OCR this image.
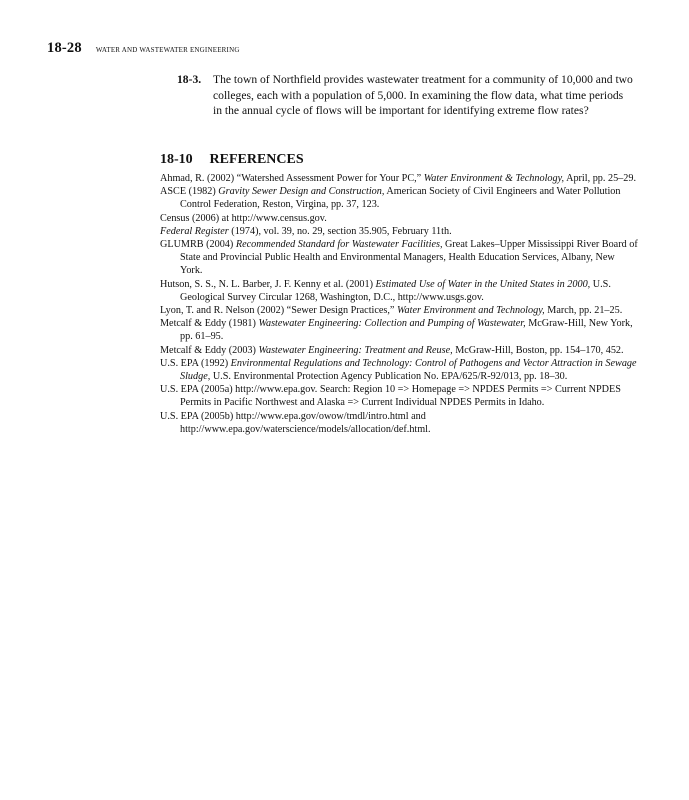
18-28 WATER AND WASTEWATER ENGINEERING
18-3.	The town of Northfield provides wastewater treatment for a community of 10,000 and two colleges, each with a population of 5,000. In examining the flow data, what time periods in the annual cycle of flows will be important for identifying extreme flow rates?
18-10 REFERENCES
Ahmad, R. (2002) “Watershed Assessment Power for Your PC,” Water Environment & Technology, April, pp. 25–29.
ASCE (1982) Gravity Sewer Design and Construction, American Society of Civil Engineers and Water Pollution Control Federation, Reston, Virgina, pp. 37, 123.
Census (2006) at http://www.census.gov.
Federal Register (1974), vol. 39, no. 29, section 35.905, February 11th.
GLUMRB (2004) Recommended Standard for Wastewater Facilities, Great Lakes–Upper Mississippi River Board of State and Provincial Public Health and Environmental Managers, Health Education Services, Albany, New York.
Hutson, S. S., N. L. Barber, J. F. Kenny et al. (2001) Estimated Use of Water in the United States in 2000, U.S. Geological Survey Circular 1268, Washington, D.C., http://www.usgs.gov.
Lyon, T. and R. Nelson (2002) “Sewer Design Practices,” Water Environment and Technology, March, pp. 21–25.
Metcalf & Eddy (1981) Wastewater Engineering: Collection and Pumping of Wastewater, McGraw-Hill, New York, pp. 61–95.
Metcalf & Eddy (2003) Wastewater Engineering: Treatment and Reuse, McGraw-Hill, Boston, pp. 154–170, 452.
U.S. EPA (1992) Environmental Regulations and Technology: Control of Pathogens and Vector Attraction in Sewage Sludge, U.S. Environmental Protection Agency Publication No. EPA/625/R-92/013, pp. 18–30.
U.S. EPA (2005a) http://www.epa.gov. Search: Region 10 => Homepage => NPDES Permits => Current NPDES Permits in Pacific Northwest and Alaska => Current Individual NPDES Permits in Idaho.
U.S. EPA (2005b) http://www.epa.gov/owow/tmdl/intro.html and http://www.epa.gov/waterscience/models/allocation/def.html.
